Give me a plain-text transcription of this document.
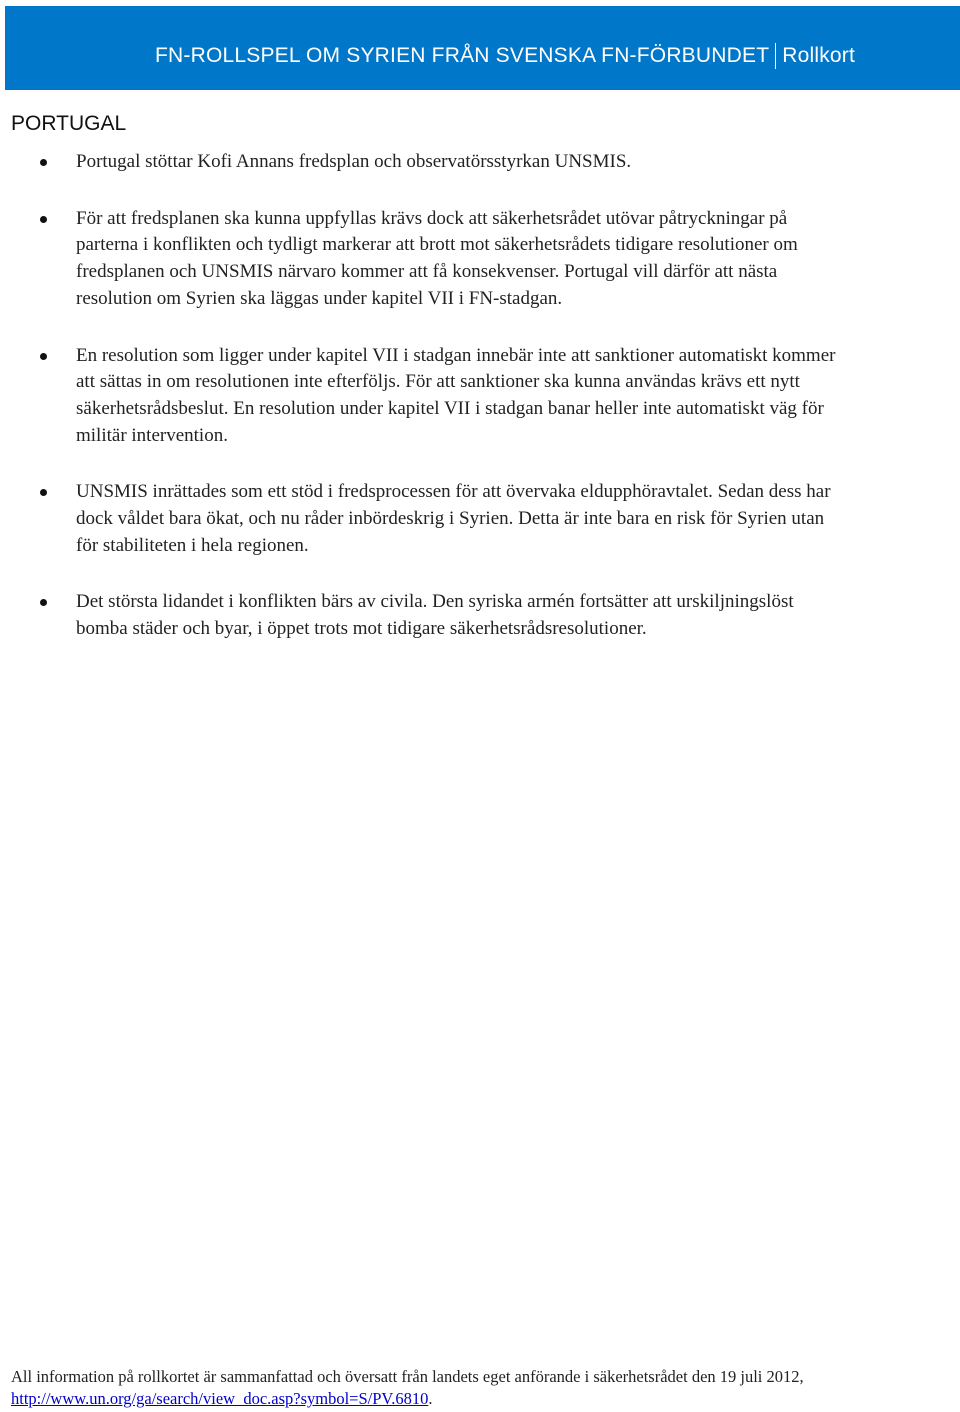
FN-ROLLSPEL OM SYRIEN FRÅN SVENSKA FN-FÖRBUNDET Rollkort
PORTUGAL
Portugal stöttar Kofi Annans fredsplan och observatörsstyrkan UNSMIS.
För att fredsplanen ska kunna uppfyllas krävs dock att säkerhetsrådet utövar påtryckningar på parterna i konflikten och tydligt markerar att brott mot säkerhetsrådets tidigare resolutioner om fredsplanen och UNSMIS närvaro kommer att få konsekvenser. Portugal vill därför att nästa resolution om Syrien ska läggas under kapitel VII i FN-stadgan.
En resolution som ligger under kapitel VII i stadgan innebär inte att sanktioner automatiskt kommer att sättas in om resolutionen inte efterföljs. För att sanktioner ska kunna användas krävs ett nytt säkerhetsrådsbeslut. En resolution under kapitel VII i stadgan banar heller inte automatiskt väg för militär intervention.
UNSMIS inrättades som ett stöd i fredsprocessen för att övervaka eldupphöravtalet. Sedan dess har dock våldet bara ökat, och nu råder inbördeskrig i Syrien. Detta är inte bara en risk för Syrien utan för stabiliteten i hela regionen.
Det största lidandet i konflikten bärs av civila. Den syriska armén fortsätter att urskiljningslöst bomba städer och byar, i öppet trots mot tidigare säkerhetsrådsresolutioner.
All information på rollkortet är sammanfattad och översatt från landets eget anförande i säkerhetsrådet den 19 juli 2012, http://www.un.org/ga/search/view_doc.asp?symbol=S/PV.6810.
